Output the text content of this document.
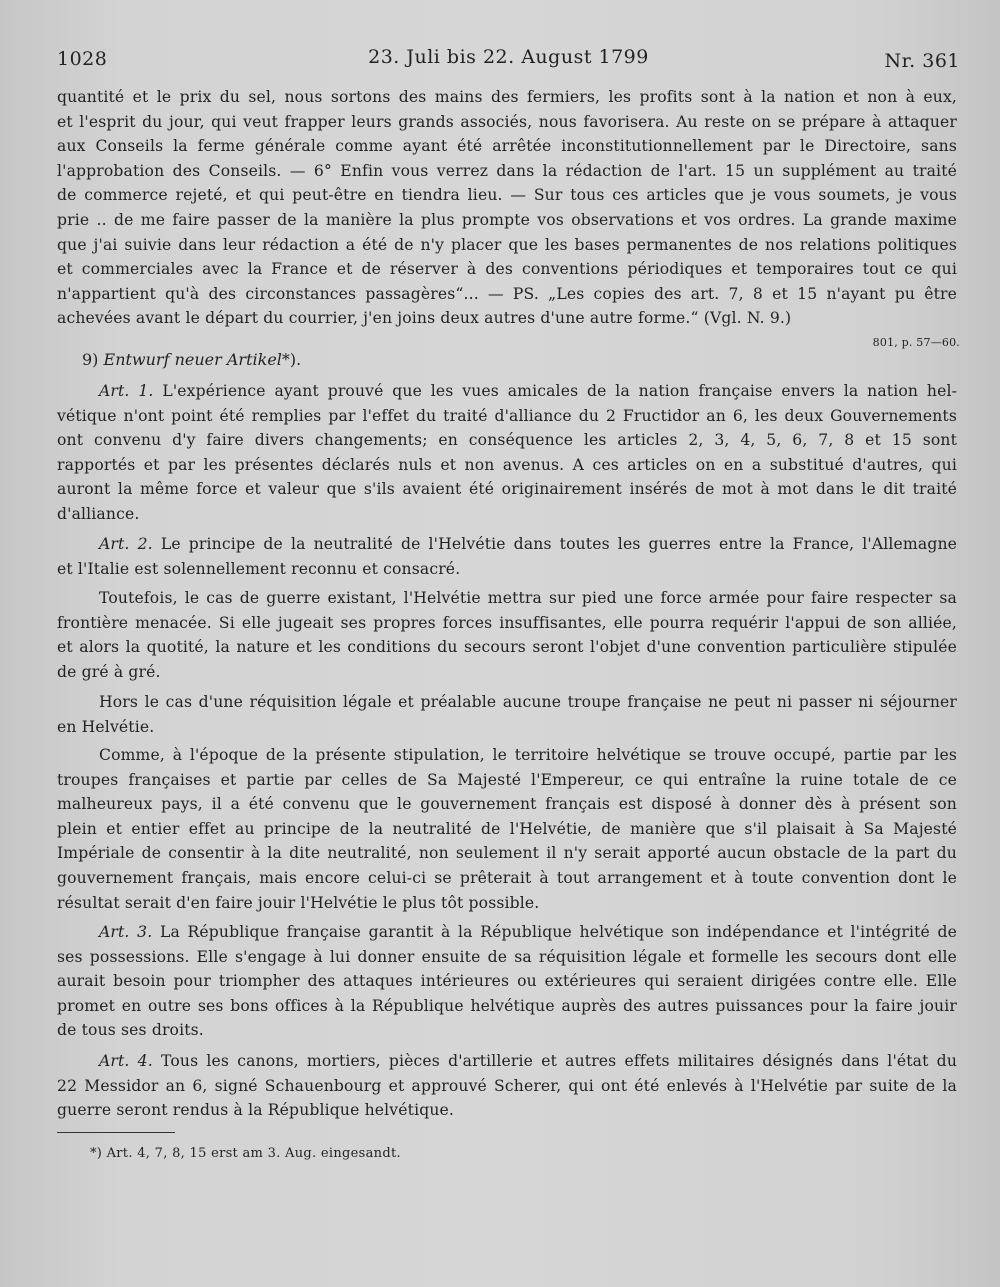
1028	23. Juli bis 22. August 1799	Nr. 361

quantité et le prix du sel, nous sortons des mains des fermiers, les profits sont à la nation et non à eux,

et l'esprit du jour, qui veut frapper leurs grands associés, nous favorisera. Au reste on se prépare à attaquer

aux Conseils la ferme générale comme ayant été arrêtée inconstitutionnellement par le Directoire, sans

l'approbation des Conseils. — 6° Enfin vous verrez dans la rédaction de l'art. 15 un supplément au traité

de commerce rejeté, et qui peut-être en tiendra lieu. — Sur tous ces articles que je vous soumets, je vous

prie .. de me faire passer de la manière la plus prompte vos observations et vos ordres. La grande maxime

que j'ai suivie dans leur rédaction a été de n'y placer que les bases permanentes de nos relations politiques

et commerciales avec la France et de réserver à des conventions périodiques et temporaires tout ce qui

n'appartient qu'à des circonstances passagères“... — PS. „Les copies des art. 7, 8 et 15 n'ayant pu être

achevées avant le départ du courrier, j'en joins deux autres d'une autre forme.“ (Vgl. N. 9.)

801, p. 57—60.
9) Entwurf neuer Artikel*).

Art. 1. L'expérience ayant prouvé que les vues amicales de la nation française envers la nation hel-

vétique n'ont point été remplies par l'effet du traité d'alliance du 2 Fructidor an 6, les deux Gouvernements

ont convenu d'y faire divers changements; en conséquence les articles 2, 3, 4, 5, 6, 7, 8 et 15 sont

rapportés et par les présentes déclarés nuls et non avenus. A ces articles on en a substitué d'autres, qui

auront la même force et valeur que s'ils avaient été originairement insérés de mot à mot dans le dit traité

d'alliance.

Art. 2. Le principe de la neutralité de l'Helvétie dans toutes les guerres entre la France, l'Allemagne

et l'Italie est solennellement reconnu et consacré.

Toutefois, le cas de guerre existant, l'Helvétie mettra sur pied une force armée pour faire respecter sa

frontière menacée. Si elle jugeait ses propres forces insuffisantes, elle pourra requérir l'appui de son alliée,

et alors la quotité, la nature et les conditions du secours seront l'objet d'une convention particulière stipulée

de gré à gré.

Hors le cas d'une réquisition légale et préalable aucune troupe française ne peut ni passer ni séjourner

en Helvétie.

Comme, à l'époque de la présente stipulation, le territoire helvétique se trouve occupé, partie par les

troupes françaises et partie par celles de Sa Majesté l'Empereur, ce qui entraîne la ruine totale de ce

malheureux pays, il a été convenu que le gouvernement français est disposé à donner dès à présent son

plein et entier effet au principe de la neutralité de l'Helvétie, de manière que s'il plaisait à Sa Majesté

Impériale de consentir à la dite neutralité, non seulement il n'y serait apporté aucun obstacle de la part du

gouvernement français, mais encore celui-ci se prêterait à tout arrangement et à toute convention dont le

résultat serait d'en faire jouir l'Helvétie le plus tôt possible.

Art. 3. La République française garantit à la République helvétique son indépendance et l'intégrité de

ses possessions. Elle s'engage à lui donner ensuite de sa réquisition légale et formelle les secours dont elle

aurait besoin pour triompher des attaques intérieures ou extérieures qui seraient dirigées contre elle. Elle

promet en outre ses bons offices à la République helvétique auprès des autres puissances pour la faire jouir

de tous ses droits.

Art. 4. Tous les canons, mortiers, pièces d'artillerie et autres effets militaires désignés dans l'état du

22 Messidor an 6, signé Schauenbourg et approuvé Scherer, qui ont été enlevés à l'Helvétie par suite de la

guerre seront rendus à la République helvétique.

*) Art. 4, 7, 8, 15 erst am 3. Aug. eingesandt.
